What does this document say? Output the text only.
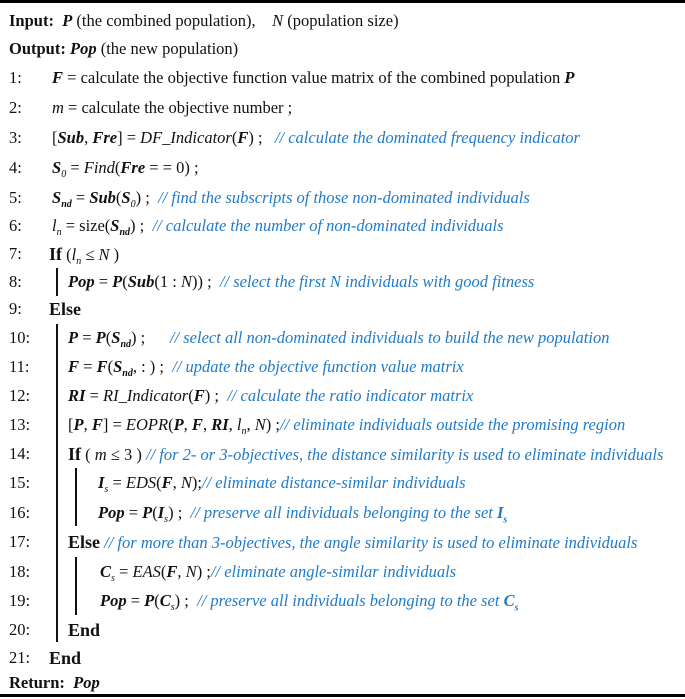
Input: P (the combined population), N (population size)
Output: Pop (the new population)
1: F = calculate the objective function value matrix of the combined population P
2: m = calculate the objective number ;
3: [Sub, Fre] = DF_Indicator(F) ;   // calculate the dominated frequency indicator
4: $S_0$ = Find(Fre = = 0) ;
5: $S_{nd} = Sub(S_0)$ ;  // find the subscripts of those non-dominated individuals
6: $l_n$ = $size(S_{nd})$ ;  // calculate the number of non-dominated individuals
7: If ($l_n \le N$ )
8:	Pop = P(Sub(1 : N)) ;  // select the first N individuals with good fitness
9: Else
10: $P = P(S_{nd})$ ;      // select all non-dominated individuals to build the new population
11: $F = F(S_{nd}$, : ) ;  // update the objective function value matrix
12: RI = RI_Indicator(F) ;  // calculate the ratio indicator matrix
13: [P, F] = EOPR(P, F, RI, $l_n$, N) ;// eliminate individuals outside the promising region
14: If ( m ≤ 3 ) // for 2- or 3-objectives, the distance similarity is used to eliminate individuals
15:	$I_s = EDS(F$, N);// eliminate distance-similar individuals
16:	Pop = $P(I_s)$ ;  // preserve all individuals belonging to the set $I_s$
17: Else // for more than 3-objectives, the angle similarity is used to eliminate individuals
18:	$C_s = EAS(F$, N) ;// eliminate angle-similar individuals
19:	Pop = $P(C_s)$ ;  // preserve all individuals belonging to the set $C_s$
20: End
21: End
Return: Pop
